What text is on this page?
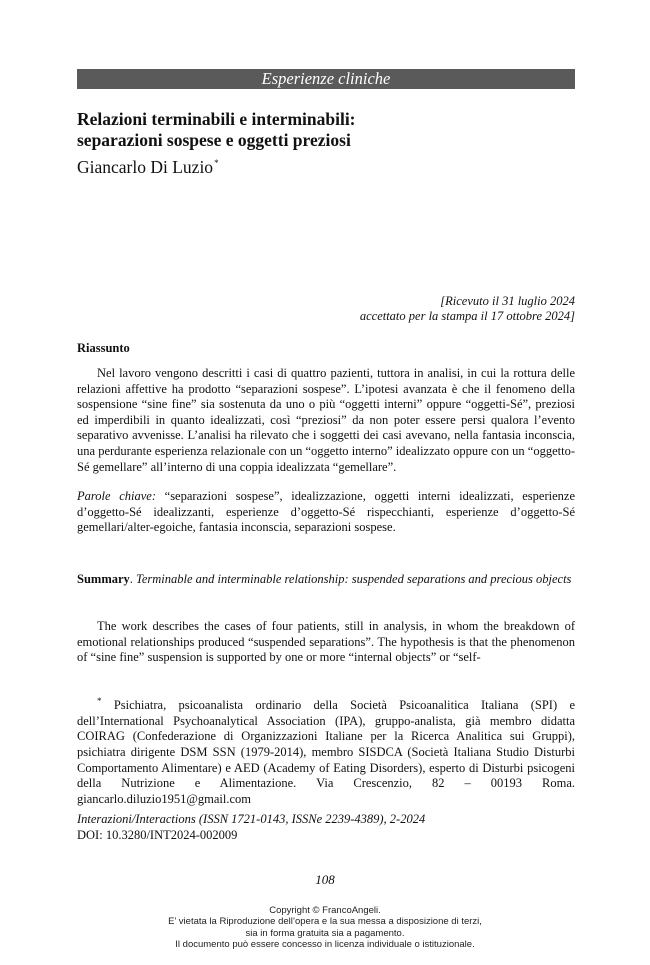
Esperienze cliniche
Relazioni terminabili e interminabili:
separazioni sospese e oggetti preziosi
Giancarlo Di Luzio*
[Ricevuto il 31 luglio 2024
accettato per la stampa il 17 ottobre 2024]
Riassunto

Nel lavoro vengono descritti i casi di quattro pazienti, tuttora in analisi, in cui la rottura delle relazioni affettive ha prodotto “separazioni sospese”. L’ipotesi avanzata è che il fenomeno della sospensione “sine fine” sia sostenuta da uno o più “oggetti interni” oppure “oggetti-Sé”, preziosi ed imperdibili in quanto idealizzati, così “preziosi” da non poter essere persi qualora l’evento separativo avvenisse. L’analisi ha rilevato che i soggetti dei casi avevano, nella fantasia inconscia, una perdurante esperienza relazionale con un “oggetto interno” idealizzato oppure con un “oggetto-Sé gemellare” all’interno di una coppia idealizzata “gemellare”.

Parole chiave: “separazioni sospese”, idealizzazione, oggetti interni idealizzati, esperienze d’oggetto-Sé idealizzanti, esperienze d’oggetto-Sé rispecchianti, esperienze d’oggetto-Sé gemellari/alter-egoiche, fantasia inconscia, separazioni sospese.

Summary. Terminable and interminable relationship: suspended separations and precious objects

The work describes the cases of four patients, still in analysis, in whom the breakdown of emotional relationships produced “suspended separations”. The hypothesis is that the phenomenon of “sine fine” suspension is supported by one or more “internal objects” or “self-

* Psichiatra, psicoanalista ordinario della Società Psicoanalitica Italiana (SPI) e dell’International Psychoanalytical Association (IPA), gruppo-analista, già membro didatta COIRAG (Confederazione di Organizzazioni Italiane per la Ricerca Analitica sui Gruppi), psichiatra dirigente DSM SSN (1979-2014), membro SISDCA (Società Italiana Studio Disturbi Comportamento Alimentare) e AED (Academy of Eating Disorders), esperto di Disturbi psicogeni della Nutrizione e Alimentazione. Via Crescenzio, 82 – 00193 Roma. giancarlo.diluzio1951@gmail.com

Interazioni/Interactions (ISSN 1721-0143, ISSNe 2239-4389), 2-2024
DOI: 10.3280/INT2024-002009
108
Copyright © FrancoAngeli.
E’ vietata la Riproduzione dell’opera e la sua messa a disposizione di terzi,
sia in forma gratuita sia a pagamento.
Il documento può essere concesso in licenza individuale o istituzionale.
